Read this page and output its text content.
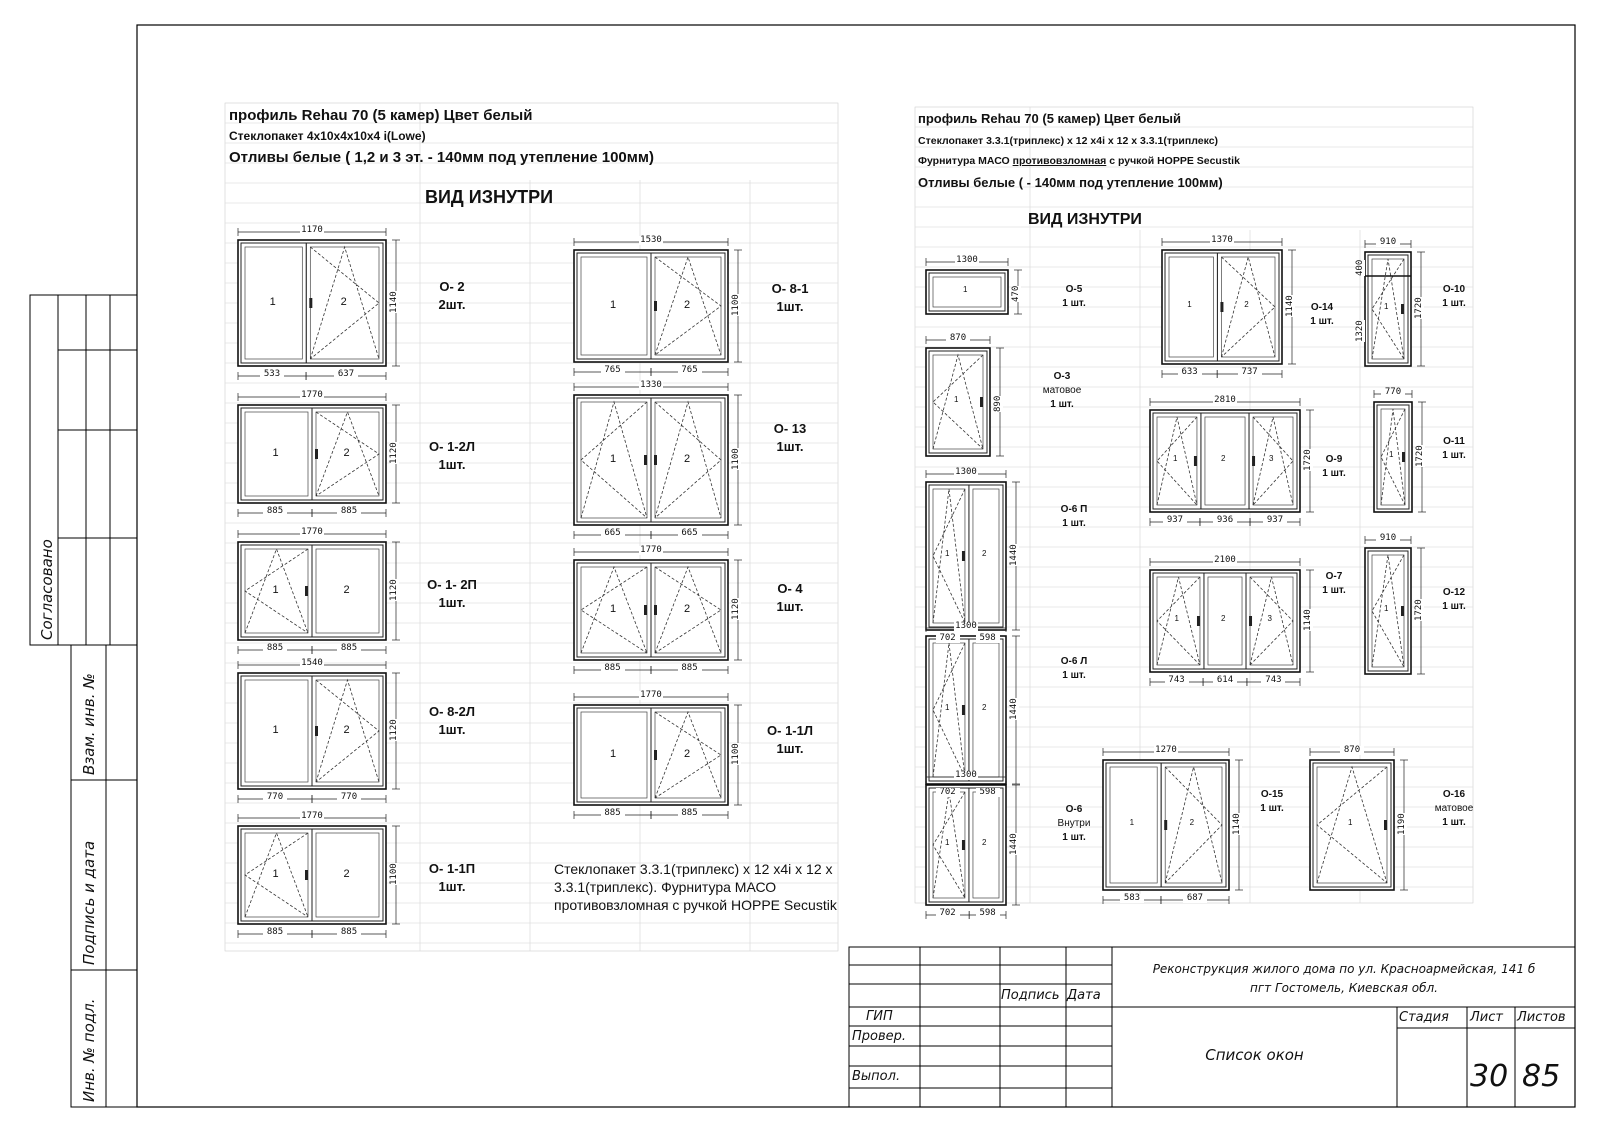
профиль Rehau 70 (5 камер) Цвет белый
Стеклопакет 4х10х4х10х4 i(Lowe)
Отливы белые ( 1,2 и 3 эт. - 140мм под утепление 100мм)
ВИД ИЗНУТРИ
Стеклопакет 3.3.1(триплекс) х 12 х4i х 12 х 3.3.1(триплекс). Фурнитура МАСО противовзломная с ручкой HOPPE Secustik
профиль Rehau 70 (5 камер) Цвет белый
Стеклопакет 3.3.1(триплекс) х 12 х4i х 12 х 3.3.1(триплекс)
Фурнитура МАСО противовзломная с ручкой HOPPE Secustik
Отливы белые ( - 140мм под утепление 100мм)
ВИД ИЗНУТРИ
Согласовано
Взам. инв. №
Подпись и дата
Инв. № подл.
Подпись Дата
ГИП
Провер.
Выпол.
Реконструкция жилого дома по ул. Красноармейская, 141 б
пгт Гостомель, Киевская обл.
Список окон
Стадия Лист Листов
30 85
1	2
1170
1140
533	637
О- 2
2шт.
1	2
1770
1120
885	885
О- 1-2Л
1шт.
1	2
1770
1120
885	885
О- 1- 2П
1шт.
1	2
1540
1120
770	770
О- 8-2Л
1шт.
1	2
1770
1100
885	885
О- 1-1П
1шт.
1	2
1530
1100
765	765
О- 8-1
1шт.
1	2
1330
1100
665	665
О- 13
1шт.
1	2
1770
1120
885	885
О- 4
1шт.
1	2
1770
1100
885	885
О- 1-1Л
1шт.
1
1300
470	О-5
1 шт.
1
870
890
О-3
матовое
1 шт.
1	2
1300
1440
702	598
О-6 П
1 шт.
1	2
1300
1440
702	598
О-6 Л
1 шт.
1	2
1300
1440
702	598
О-6
Внутри
1 шт.
1	2
1370
1140
633	737
О-14
1 шт.
1	2	3
2810
1720
937	936	937
О-9
1 шт.
1	2	3
2100
1140
743	614	743
О-7
1 шт.
1	2
1270
1140
583	687
О-15
1 шт.
1
910
1720
О-10
1 шт.
1
770
1720
О-11
1 шт.
1
910
1720
О-12
1 шт.
1
870
1190
О-16
матовое
1 шт.
400
1320
